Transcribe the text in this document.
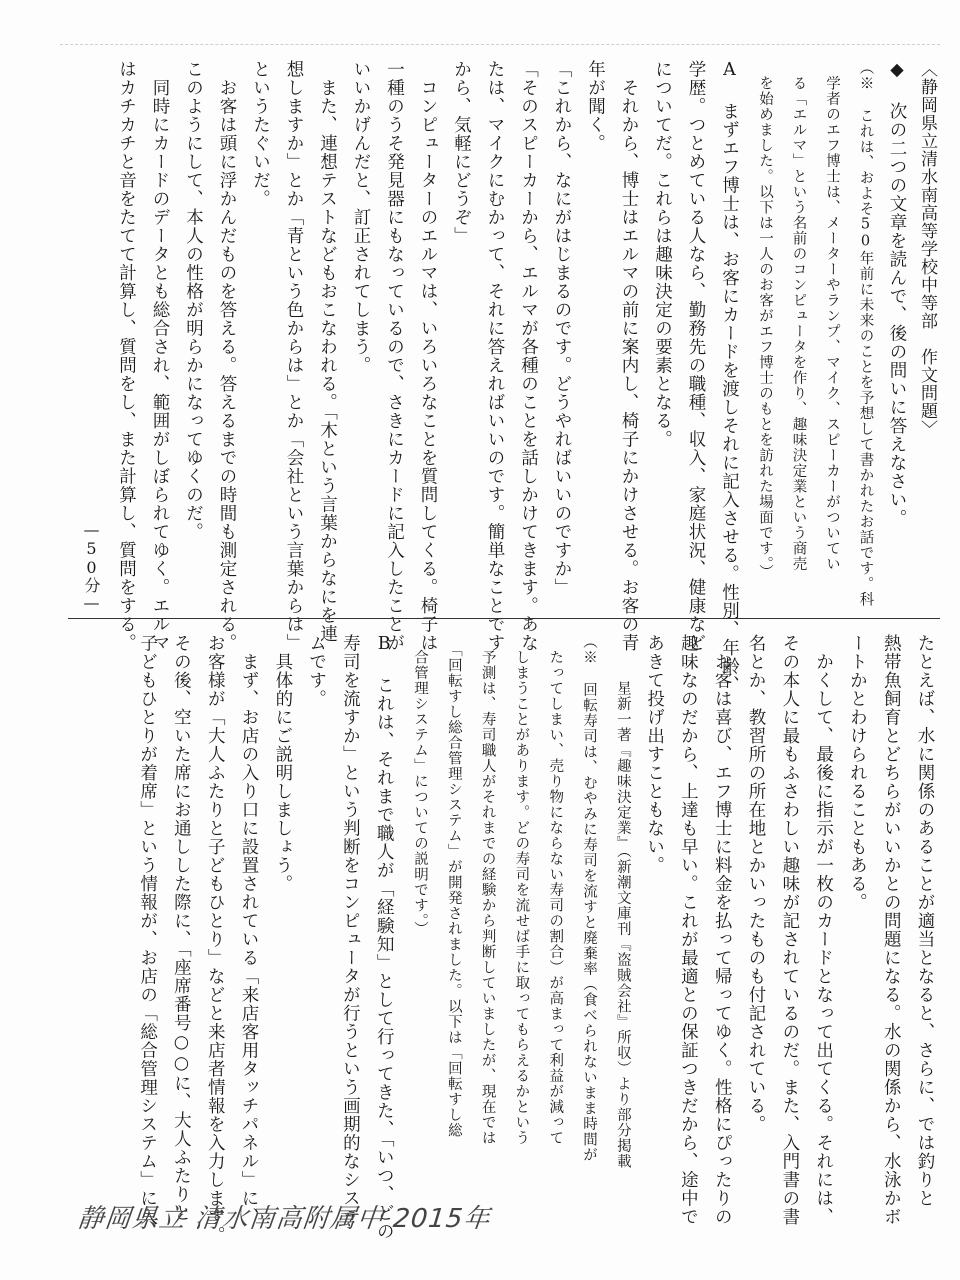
〈静岡県立清水南高等学校中等部　作文問題〉
◆ 次の二つの文章を読んで、後の問いに答えなさい。
（※ これは、およそ50年前に未来のことを予想して書かれたお話です。科
　学者のエフ博士は、メーターやランプ、マイク、スピーカーがついてい
　る「エルマ」という名前のコンピュータを作り、趣味決定業という商売
　を始めました。以下は一人のお客がエフ博士のもとを訪れた場面です。）
A まずエフ博士は、お客にカードを渡しそれに記入させる。性別、年齢、
学歴。つとめている人なら、勤務先の職種、収入、家庭状況、健康など
についてだ。これらは趣味決定の要素となる。
　それから、博士はエルマの前に案内し、椅子にかけさせる。お客の青
年が聞く。
「これから、なにがはじまるのです。どうやればいいのですか」
「そのスピーカーから、エルマが各種のことを話しかけてきます。あな
たは、マイクにむかって、それに答えればいいのです。簡単なことです
から、気軽にどうぞ」
　コンピューターのエルマは、いろいろなことを質問してくる。椅子は
一種のうそ発見器にもなっているので、さきにカードに記入したことが
いいかげんだと、訂正されてしまう。
　また、連想テストなどもおこなわれる。「木という言葉からなにを連
想しますか」とか「青という色からは」とか「会社という言葉からは」
というたぐいだ。
　お客は頭に浮かんだものを答える。答えるまでの時間も測定される。
このようにして、本人の性格が明らかになってゆくのだ。
　同時にカードのデータとも総合され、範囲がしぼられてゆく。エルマ
はカチカチと音をたてて計算し、質問をし、また計算し、質問をする。
—50分—
たとえば、水に関係のあることが適当となると、さらに、では釣りと
熱帯魚飼育とどちらがいいかとの問題になる。水の関係から、水泳かボ
ートかとわけられることもある。
　かくして、最後に指示が一枚のカードとなって出てくる。それには、
その本人に最もふさわしい趣味が記されているのだ。また、入門書の書
名とか、教習所の所在地とかいったものも付記されている。
　お客は喜び、エフ博士に料金を払って帰ってゆく。性格にぴったりの
趣味なのだから、上達も早い。これが最適との保証つきだから、途中で
あきて投げ出すこともない。
　　　星新一著『趣味決定業』（新潮文庫刊『盗賊会社』所収）より部分掲載
（※ 回転寿司は、むやみに寿司を流すと廃棄率（食べられないまま時間が
　たってしまい、売り物にならない寿司の割合）が高まって利益が減って
　しまうことがあります。どの寿司を流せば手に取ってもらえるかという
　予測は、寿司職人がそれまでの経験から判断していましたが、現在では
　「回転すし総合管理システム」が開発されました。以下は「回転すし総
　合管理システム」についての説明です。）
B これは、それまで職人が「経験知」として行ってきた、「いつ、どの
寿司を流すか」という判断をコンピュータが行うという画期的なシステ
ムです。
　具体的にご説明しましょう。
　まず、お店の入り口に設置されている「来店客用タッチパネル」に、
お客様が「大人ふたりと子どもひとり」などと来店者情報を入力します。
その後、空いた席にお通しした際に、「座席番号○○に、大人ふたりと
子どもひとりが着席」という情報が、お店の「総合管理システム」に入
静岡県立 清水南高附属中 2015年
